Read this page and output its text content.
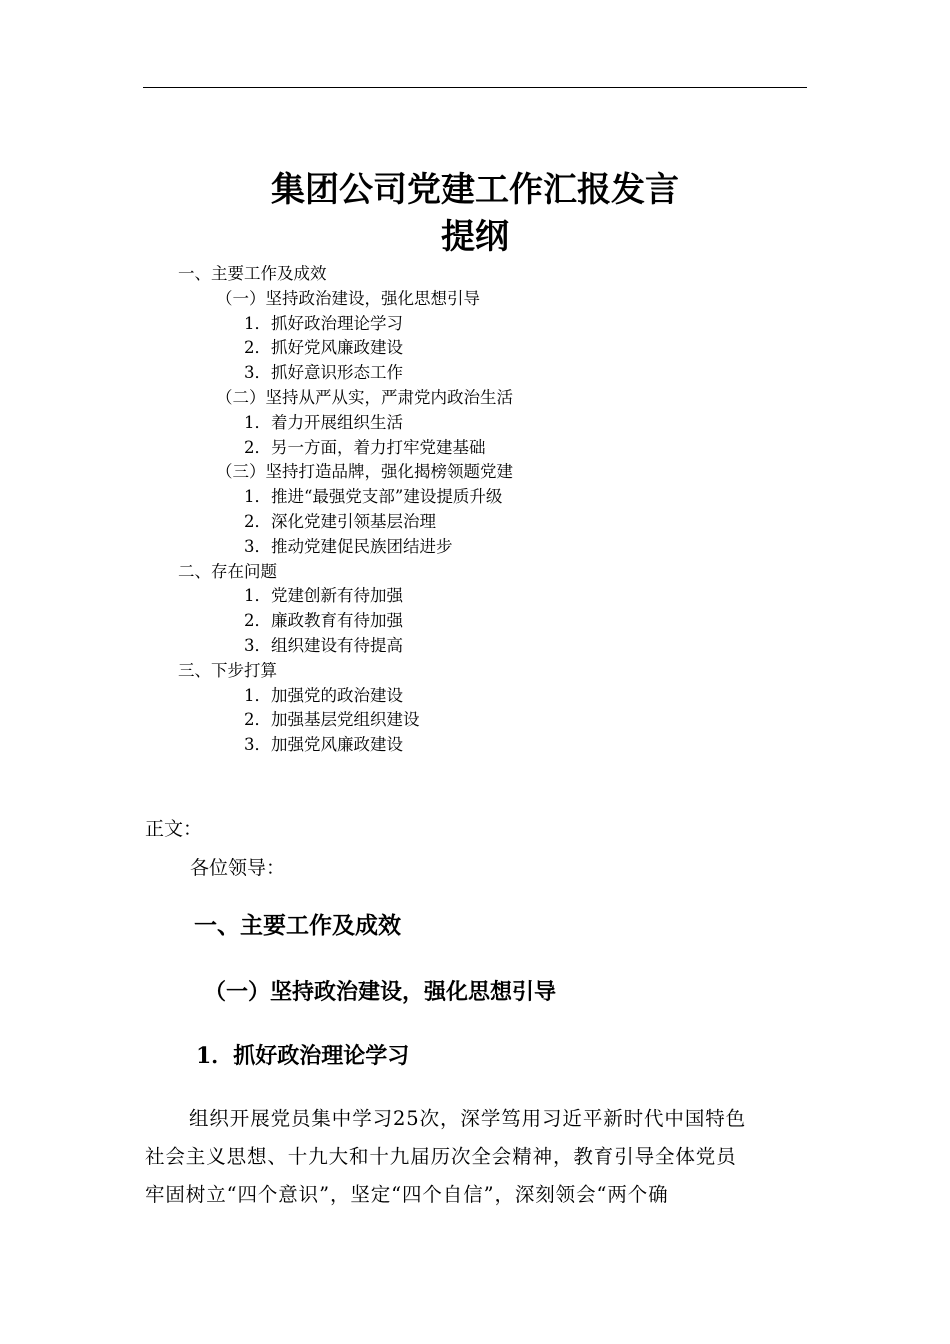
集团公司党建工作汇报发言
提纲
一、主要工作及成效
（一）坚持政治建设，强化思想引导
1．抓好政治理论学习
2．抓好党风廉政建设
3．抓好意识形态工作
（二）坚持从严从实，严肃党内政治生活
1．着力开展组织生活
2．另一方面，着力打牢党建基础
（三）坚持打造品牌，强化揭榜领题党建
1．推进“最强党支部”建设提质升级
2．深化党建引领基层治理
3．推动党建促民族团结进步
二、存在问题
1．党建创新有待加强
2．廉政教育有待加强
3．组织建设有待提高
三、下步打算
1．加强党的政治建设
2．加强基层党组织建设
3．加强党风廉政建设
正文：
各位领导：
一、主要工作及成效
（一）坚持政治建设，强化思想引导
1．抓好政治理论学习
组织开展党员集中学习25次，深学笃用习近平新时代中国特色
社会主义思想、十九大和十九届历次全会精神，教育引导全体党员
牢固树立“四个意识”，坚定“四个自信”，深刻领会“两个确
